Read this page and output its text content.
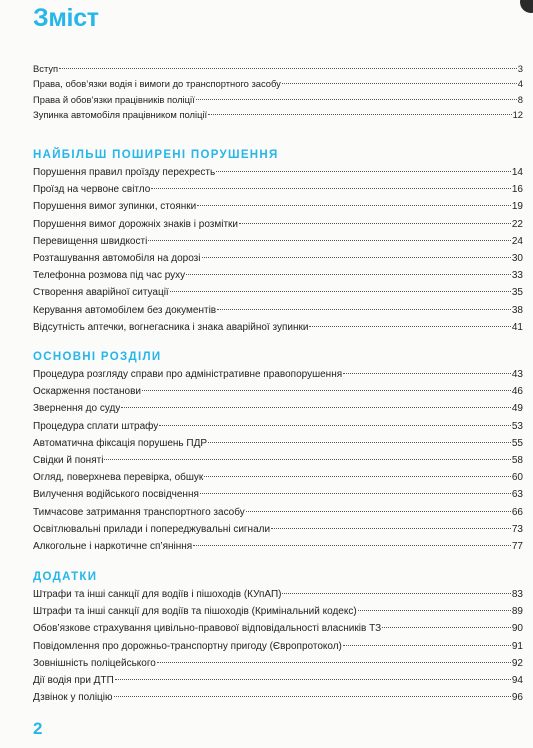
Зміст
Вступ	3
Права, обов’язки водія і вимоги до транспортного засобу	4
Права й обов’язки працівників поліції	8
Зупинка автомобіля працівником поліції	12
НАЙБІЛЬШ ПОШИРЕНІ ПОРУШЕННЯ
Порушення правил проїзду перехресть	14
Проїзд на червоне світло	16
Порушення вимог зупинки, стоянки	19
Порушення вимог дорожніх знаків і розмітки	22
Перевищення швидкості	24
Розташування автомобіля на дорозі	30
Телефонна розмова під час руху	33
Створення аварійної ситуації	35
Керування автомобілем без документів	38
Відсутність аптечки, вогнегасника і знака аварійної зупинки	41
ОСНОВНІ РОЗДІЛИ
Процедура розгляду справи про адміністративне правопорушення	43
Оскарження постанови	46
Звернення до суду	49
Процедура сплати штрафу	53
Автоматична фіксація порушень ПДР	55
Свідки й поняті	58
Огляд, поверхнева перевірка, обшук	60
Вилучення водійського посвідчення	63
Тимчасове затримання транспортного засобу	66
Освітлювальні прилади і попереджувальні сигнали	73
Алкогольне і наркотичне сп’яніння	77
ДОДАТКИ
Штрафи та інші санкції для водіїв і пішоходів (КУпАП)	83
Штрафи та інші санкції для водіїв та пішоходів (Кримінальний кодекс)	89
Обов’язкове страхування цивільно-правової відповідальності власників ТЗ	90
Повідомлення про дорожньо-транспортну пригоду (Європротокол)	91
Зовнішність поліцейського	92
Дії водія при ДТП	94
Дзвінок у поліцію	96
2
